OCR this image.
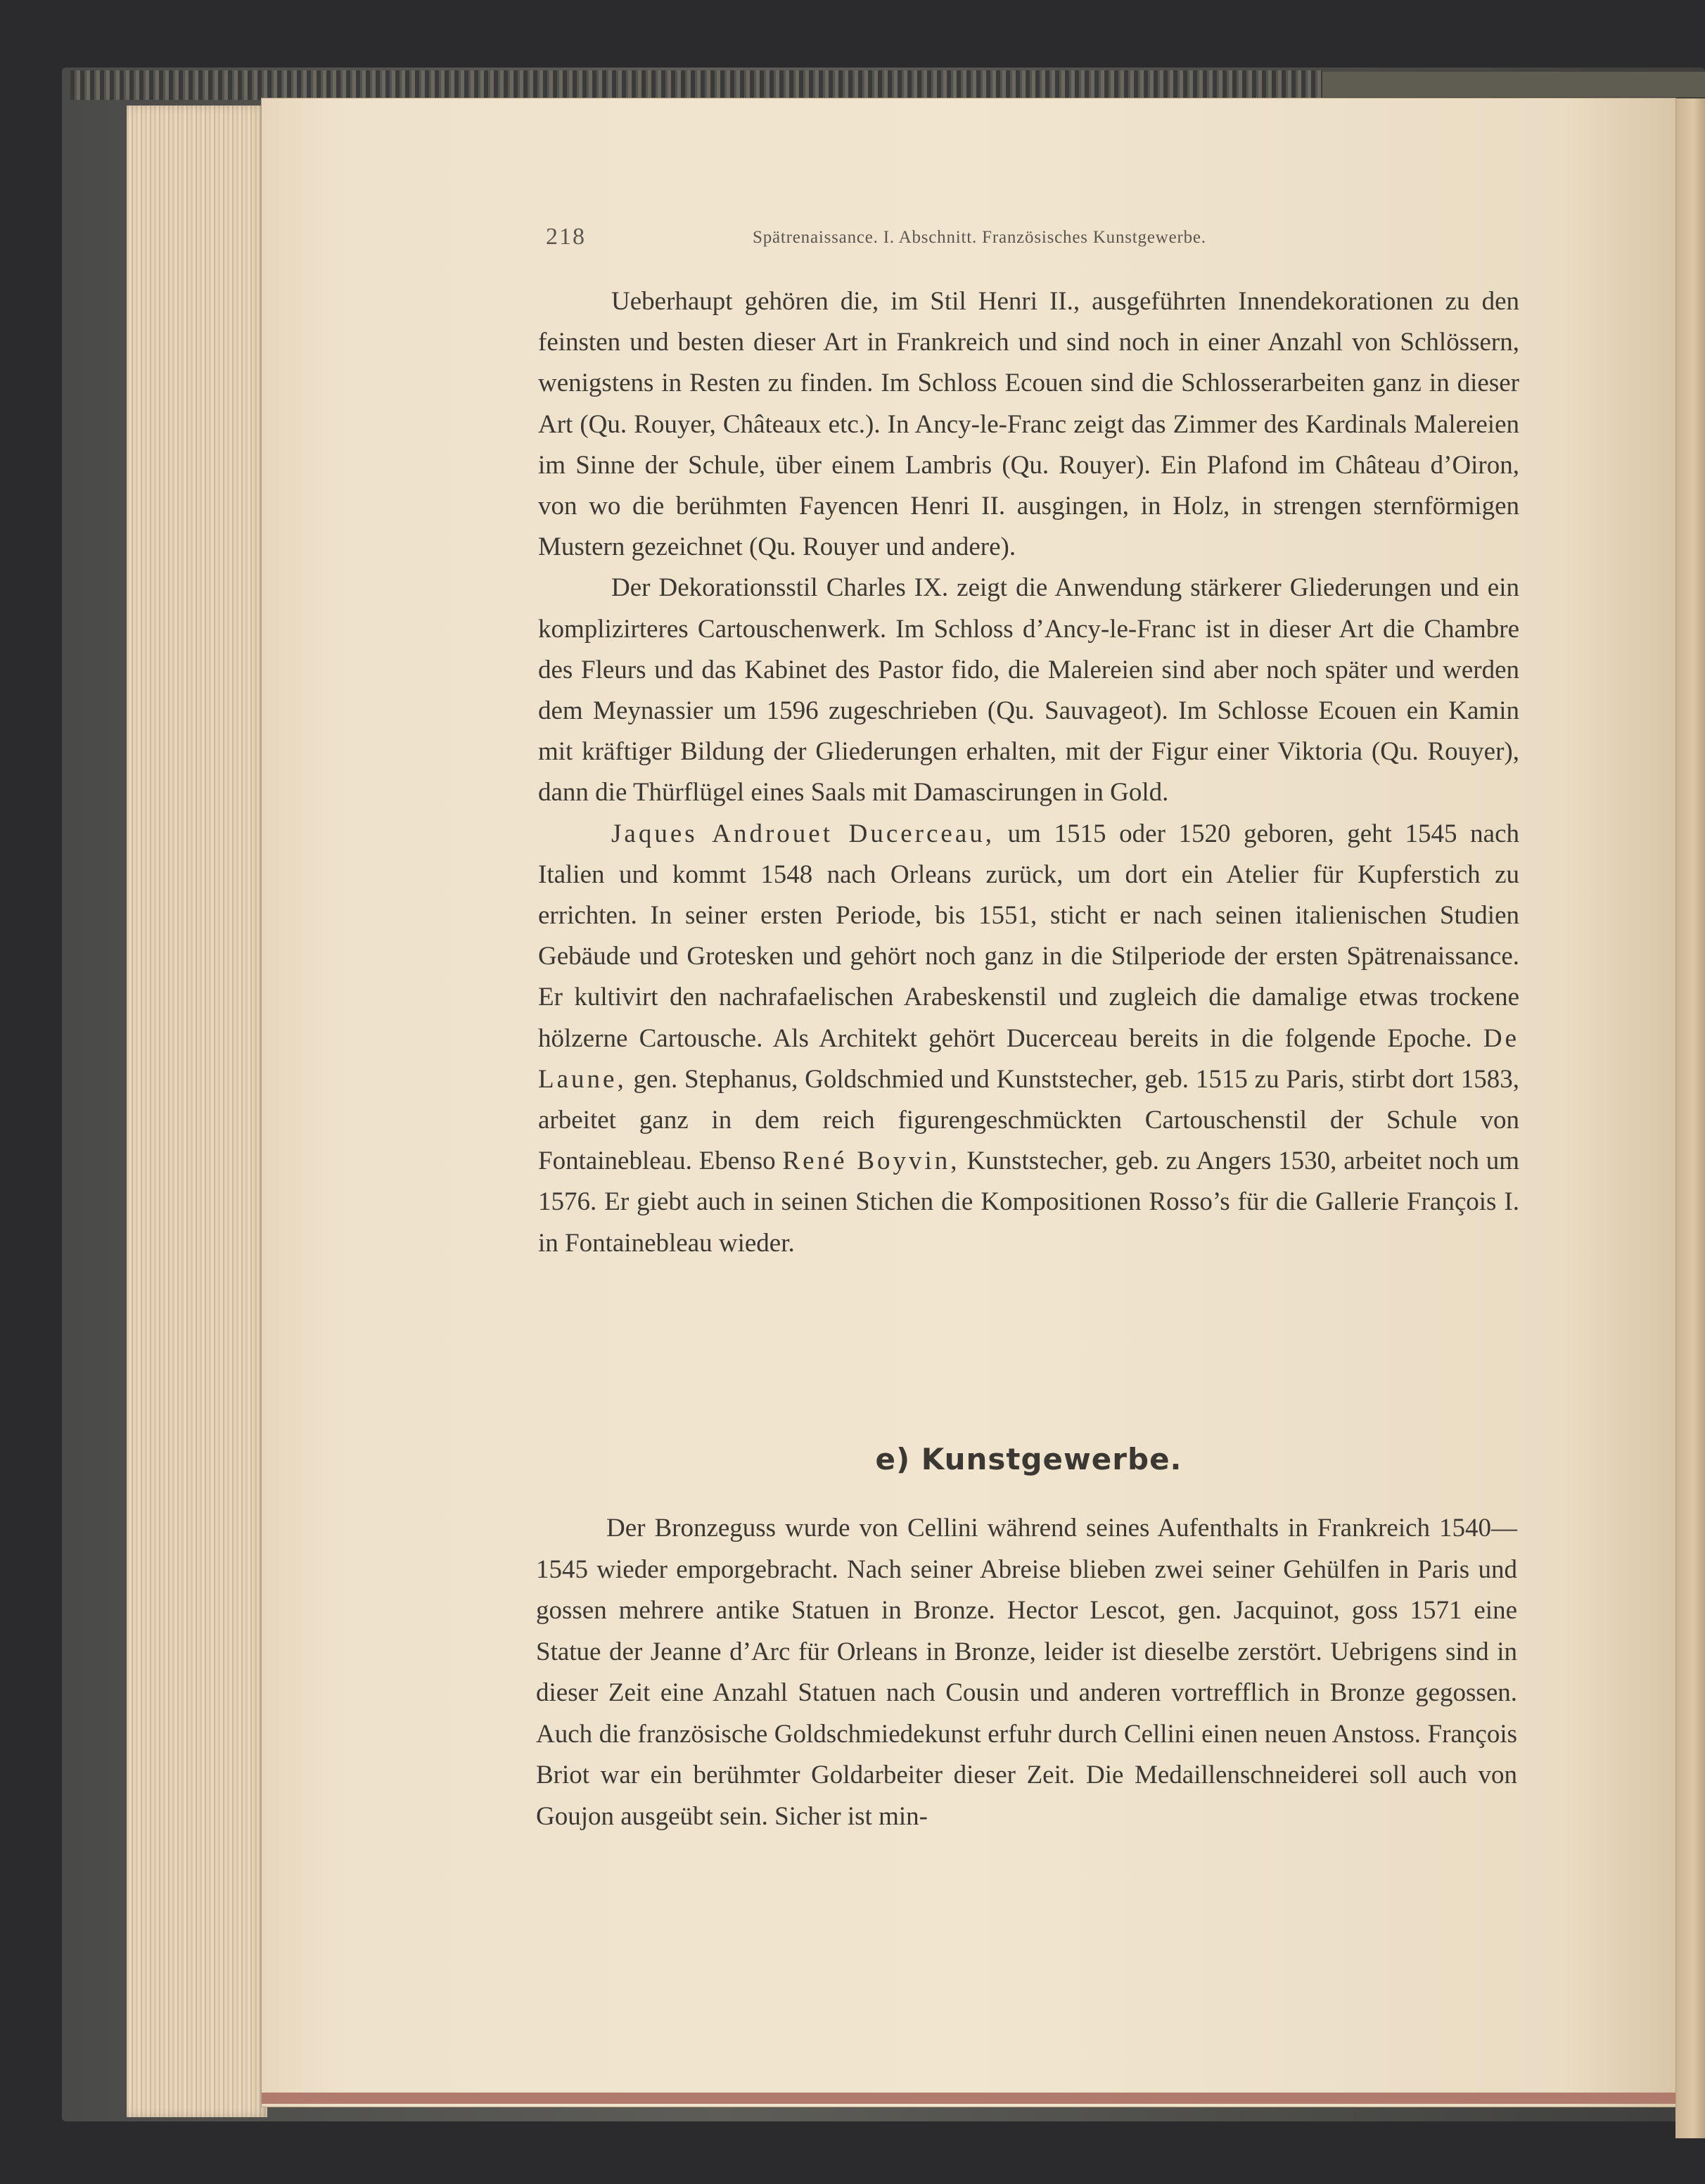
218	Spätrenaissance. I. Abschnitt. Französisches Kunstgewerbe.

Ueberhaupt gehören die, im Stil Henri II., ausgeführten Innendekorationen zu den feinsten und besten dieser Art in Frankreich und sind noch in einer Anzahl von Schlössern, wenigstens in Resten zu finden. Im Schloss Ecouen sind die Schlosserarbeiten ganz in dieser Art (Qu. Rouyer, Châteaux etc.). In Ancy-le-Franc zeigt das Zimmer des Kardinals Malereien im Sinne der Schule, über einem Lambris (Qu. Rouyer). Ein Plafond im Château d’Oiron, von wo die berühmten Fayencen Henri II. ausgingen, in Holz, in strengen sternförmigen Mustern gezeichnet (Qu. Rouyer und andere).

Der Dekorationsstil Charles IX. zeigt die Anwendung stärkerer Gliederungen und ein komplizirteres Cartouschenwerk. Im Schloss d’Ancy-le-Franc ist in dieser Art die Chambre des Fleurs und das Kabinet des Pastor fido, die Malereien sind aber noch später und werden dem Meynassier um 1596 zugeschrieben (Qu. Sauvageot). Im Schlosse Ecouen ein Kamin mit kräftiger Bildung der Gliederungen erhalten, mit der Figur einer Viktoria (Qu. Rouyer), dann die Thürflügel eines Saals mit Damascirungen in Gold.

Jaques Androuet Ducerceau, um 1515 oder 1520 geboren, geht 1545 nach Italien und kommt 1548 nach Orleans zurück, um dort ein Atelier für Kupferstich zu errichten. In seiner ersten Periode, bis 1551, sticht er nach seinen italienischen Studien Gebäude und Grotesken und gehört noch ganz in die Stilperiode der ersten Spätrenaissance. Er kultivirt den nachrafaelischen Arabeskenstil und zugleich die damalige etwas trockene hölzerne Cartousche. Als Architekt gehört Ducerceau bereits in die folgende Epoche. De Laune, gen. Stephanus, Goldschmied und Kunststecher, geb. 1515 zu Paris, stirbt dort 1583, arbeitet ganz in dem reich figurengeschmückten Cartouschenstil der Schule von Fontainebleau. Ebenso René Boyvin, Kunststecher, geb. zu Angers 1530, arbeitet noch um 1576. Er giebt auch in seinen Stichen die Kompositionen Rosso’s für die Gallerie François I. in Fontainebleau wieder.

e) Kunstgewerbe.

Der Bronzeguss wurde von Cellini während seines Aufenthalts in Frankreich 1540—1545 wieder emporgebracht. Nach seiner Abreise blieben zwei seiner Gehülfen in Paris und gossen mehrere antike Statuen in Bronze. Hector Lescot, gen. Jacquinot, goss 1571 eine Statue der Jeanne d’Arc für Orleans in Bronze, leider ist dieselbe zerstört. Uebrigens sind in dieser Zeit eine Anzahl Statuen nach Cousin und anderen vortrefflich in Bronze gegossen. Auch die französische Goldschmiedekunst erfuhr durch Cellini einen neuen Anstoss. François Briot war ein berühmter Goldarbeiter dieser Zeit. Die Medaillenschneiderei soll auch von Goujon ausgeübt sein. Sicher ist min-
